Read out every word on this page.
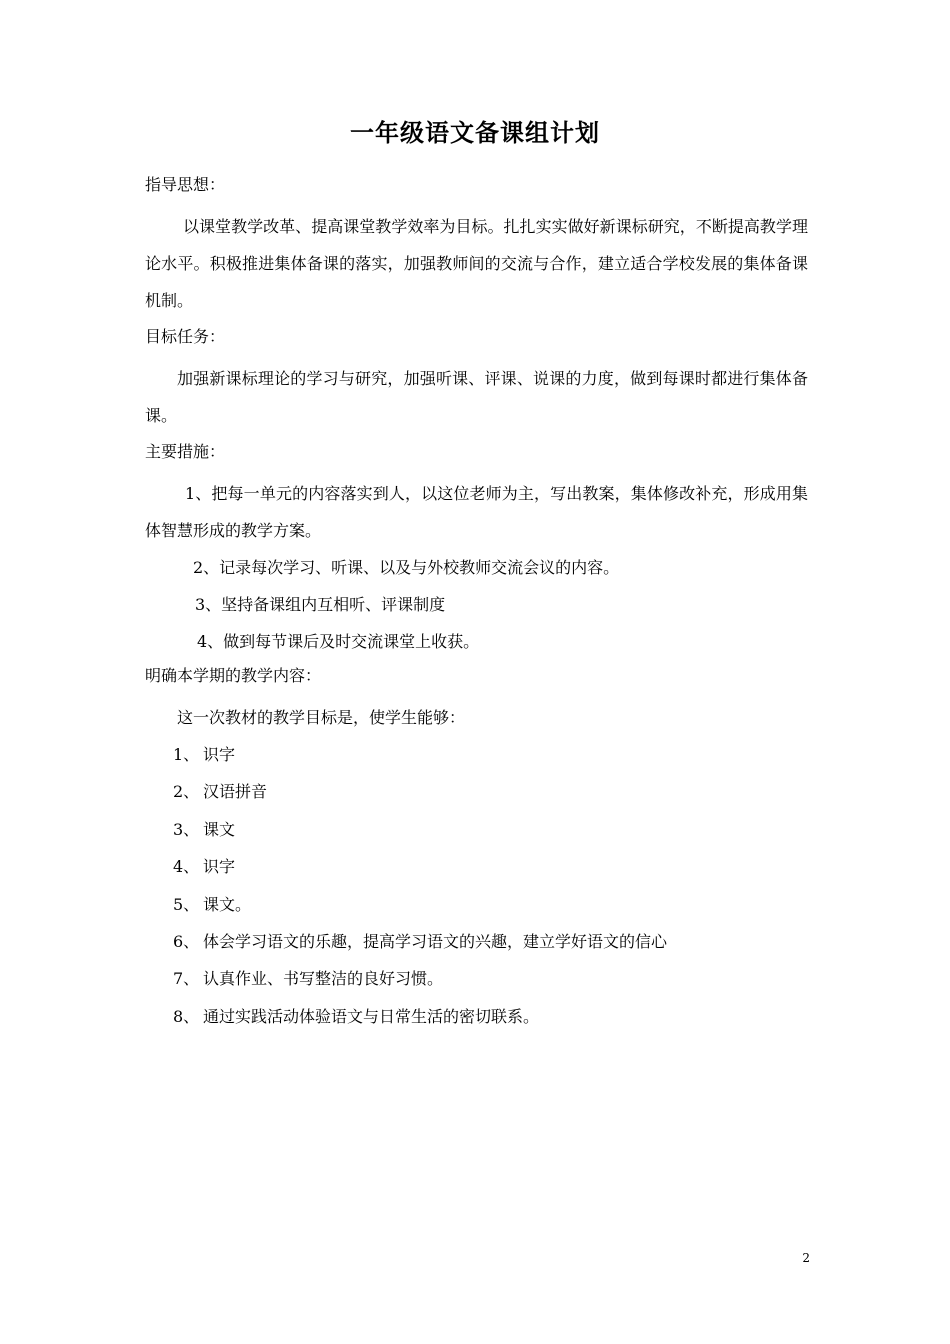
一年级语文备课组计划
指导思想：
以课堂教学改革、提高课堂教学效率为目标。扎扎实实做好新课标研究，不断提高教学理论水平。积极推进集体备课的落实，加强教师间的交流与合作，建立适合学校发展的集体备课机制。
目标任务：
加强新课标理论的学习与研究，加强听课、评课、说课的力度，做到每课时都进行集体备课。
主要措施：
1、把每一单元的内容落实到人，以这位老师为主，写出教案，集体修改补充，形成用集体智慧形成的教学方案。
2、记录每次学习、听课、以及与外校教师交流会议的内容。
3、坚持备课组内互相听、评课制度
4、做到每节课后及时交流课堂上收获。
明确本学期的教学内容：
这一次教材的教学目标是，使学生能够：
1、 识字
2、 汉语拼音
3、 课文
4、 识字
5、 课文。
6、 体会学习语文的乐趣，提高学习语文的兴趣，建立学好语文的信心
7、 认真作业、书写整洁的良好习惯。
8、 通过实践活动体验语文与日常生活的密切联系。
2
